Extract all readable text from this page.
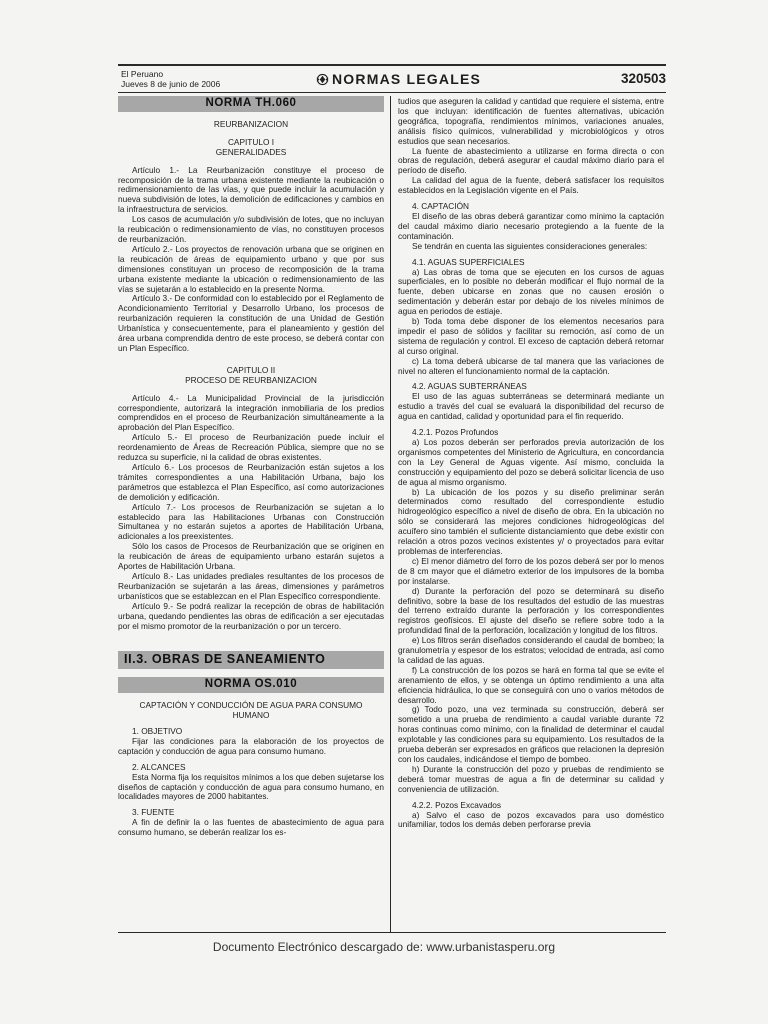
El Peruano
Jueves 8 de junio de 2006	NORMAS LEGALES	320503
NORMA TH.060
REURBANIZACION
CAPITULO I
GENERALIDADES

Artículo 1.- La Reurbanización constituye el proceso de recomposición de la trama urbana existente mediante la reubicación o redimensionamiento de las vías, y que puede incluir la acumulación y nueva subdivisión de lotes, la demolición de edificaciones y cambios en la infraestructura de servicios.

Los casos de acumulación y/o subdivisión de lotes, que no incluyan la reubicación o redimensionamiento de vías, no constituyen procesos de reurbanización.

Artículo 2.- Los proyectos de renovación urbana que se originen en la reubicación de áreas de equipamiento urbano y que por sus dimensiones constituyan un proceso de recomposición de la trama urbana existente mediante la ubicación o redimensionamiento de las vías se sujetarán a lo establecido en la presente Norma.

Artículo 3.- De conformidad con lo establecido por el Reglamento de Acondicionamiento Territorial y Desarrollo Urbano, los procesos de reurbanización requieren la constitución de una Unidad de Gestión Urbanística y consecuentemente, para el planeamiento y gestión del área urbana comprendida dentro de este proceso, se deberá contar con un Plan Específico.

CAPITULO II
PROCESO DE REURBANIZACION

Artículo 4.- La Municipalidad Provincial de la jurisdicción correspondiente, autorizará la integración inmobiliaria de los predios comprendidos en el proceso de Reurbanización simultáneamente a la aprobación del Plan Específico.

Artículo 5.- El proceso de Reurbanización puede incluir el reordenamiento de Áreas de Recreación Pública, siempre que no se reduzca su superficie, ni la calidad de obras existentes.

Artículo 6.- Los procesos de Reurbanización están sujetos a los trámites correspondientes a una Habilitación Urbana, bajo los parámetros que establezca el Plan Específico, así como autorizaciones de demolición y edificación.

Artículo 7.- Los procesos de Reurbanización se sujetan a lo establecido para las Habilitaciones Urbanas con Construcción Simultanea y no estarán sujetos a aportes de Habilitación Urbana, adicionales a los preexistentes.

Sólo los casos de Procesos de Reurbanización que se originen en la reubicación de áreas de equipamiento urbano estarán sujetos a Aportes de Habilitación Urbana.

Artículo 8.- Las unidades prediales resultantes de los procesos de Reurbanización se sujetarán a las áreas, dimensiones y parámetros urbanísticos que se establezcan en el Plan Específico correspondiente.

Artículo 9.- Se podrá realizar la recepción de obras de habilitación urbana, quedando pendientes las obras de edificación a ser ejecutadas por el mismo promotor de la reurbanización o por un tercero.

II.3. OBRAS DE SANEAMIENTO
NORMA OS.010
CAPTACIÓN Y CONDUCCIÓN DE AGUA PARA CONSUMO HUMANO
1. OBJETIVO

Fijar las condiciones para la elaboración de los proyectos de captación y conducción de agua para consumo humano.

2. ALCANCES

Esta Norma fija los requisitos mínimos a los que deben sujetarse los diseños de captación y conducción de agua para consumo humano, en localidades mayores de 2000 habitantes.

3. FUENTE

A fin de definir la o las fuentes de abastecimiento de agua para consumo humano, se deberán realizar los es-

tudios que aseguren la calidad y cantidad que requiere el sistema, entre los que incluyan: identificación de fuentes alternativas, ubicación geográfica, topografía, rendimientos mínimos, variaciones anuales, análisis físico químicos, vulnerabilidad y microbiológicos y otros estudios que sean necesarios.

La fuente de abastecimiento a utilizarse en forma directa o con obras de regulación, deberá asegurar el caudal máximo diario para el período de diseño.

La calidad del agua de la fuente, deberá satisfacer los requisitos establecidos en la Legislación vigente en el País.

4. CAPTACIÓN

El diseño de las obras deberá garantizar como mínimo la captación del caudal máximo diario necesario protegiendo a la fuente de la contaminación.

Se tendrán en cuenta las siguientes consideraciones generales:

4.1. AGUAS SUPERFICIALES

a) Las obras de toma que se ejecuten en los cursos de aguas superficiales, en lo posible no deberán modificar el flujo normal de la fuente, deben ubicarse en zonas que no causen erosión o sedimentación y deberán estar por debajo de los niveles mínimos de agua en periodos de estiaje.

b) Toda toma debe disponer de los elementos necesarios para impedir el paso de sólidos y facilitar su remoción, así como de un sistema de regulación y control. El exceso de captación deberá retornar al curso original.

c) La toma deberá ubicarse de tal manera que las variaciones de nivel no alteren el funcionamiento normal de la captación.

4.2. AGUAS SUBTERRÁNEAS

El uso de las aguas subterráneas se determinará mediante un estudio a través del cual se evaluará la disponibilidad del recurso de agua en cantidad, calidad y oportunidad para el fin requerido.

4.2.1. Pozos Profundos

a) Los pozos deberán ser perforados previa autorización de los organismos competentes del Ministerio de Agricultura, en concordancia con la Ley General de Aguas vigente. Así mismo, concluida la construcción y equipamiento del pozo se deberá solicitar licencia de uso de agua al mismo organismo.

b) La ubicación de los pozos y su diseño preliminar serán determinados como resultado del correspondiente estudio hidrogeológico específico a nivel de diseño de obra. En la ubicación no sólo se considerará las mejores condiciones hidrogeológicas del acuífero sino también el suficiente distanciamiento que debe existir con relación a otros pozos vecinos existentes y/ o proyectados para evitar problemas de interferencias.

c) El menor diámetro del forro de los pozos deberá ser por lo menos de 8 cm mayor que el diámetro exterior de los impulsores de la bomba por instalarse.

d) Durante la perforación del pozo se determinará su diseño definitivo, sobre la base de los resultados del estudio de las muestras del terreno extraído durante la perforación y los correspondientes registros geofísicos. El ajuste del diseño se refiere sobre todo a la profundidad final de la perforación, localización y longitud de los filtros.

e) Los filtros serán diseñados considerando el caudal de bombeo; la granulometría y espesor de los estratos; velocidad de entrada, así como la calidad de las aguas.

f) La construcción de los pozos se hará en forma tal que se evite el arenamiento de ellos, y se obtenga un óptimo rendimiento a una alta eficiencia hidráulica, lo que se conseguirá con uno o varios métodos de desarrollo.

g) Todo pozo, una vez terminada su construcción, deberá ser sometido a una prueba de rendimiento a caudal variable durante 72 horas continuas como mínimo, con la finalidad de determinar el caudal explotable y las condiciones para su equipamiento. Los resultados de la prueba deberán ser expresados en gráficos que relacionen la depresión con los caudales, indicándose el tiempo de bombeo.

h) Durante la construcción del pozo y pruebas de rendimiento se deberá tomar muestras de agua a fin de determinar su calidad y conveniencia de utilización.

4.2.2. Pozos Excavados

a) Salvo el caso de pozos excavados para uso doméstico unifamiliar, todos los demás deben perforarse previa

Documento Electrónico descargado de: www.urbanistasperu.org
